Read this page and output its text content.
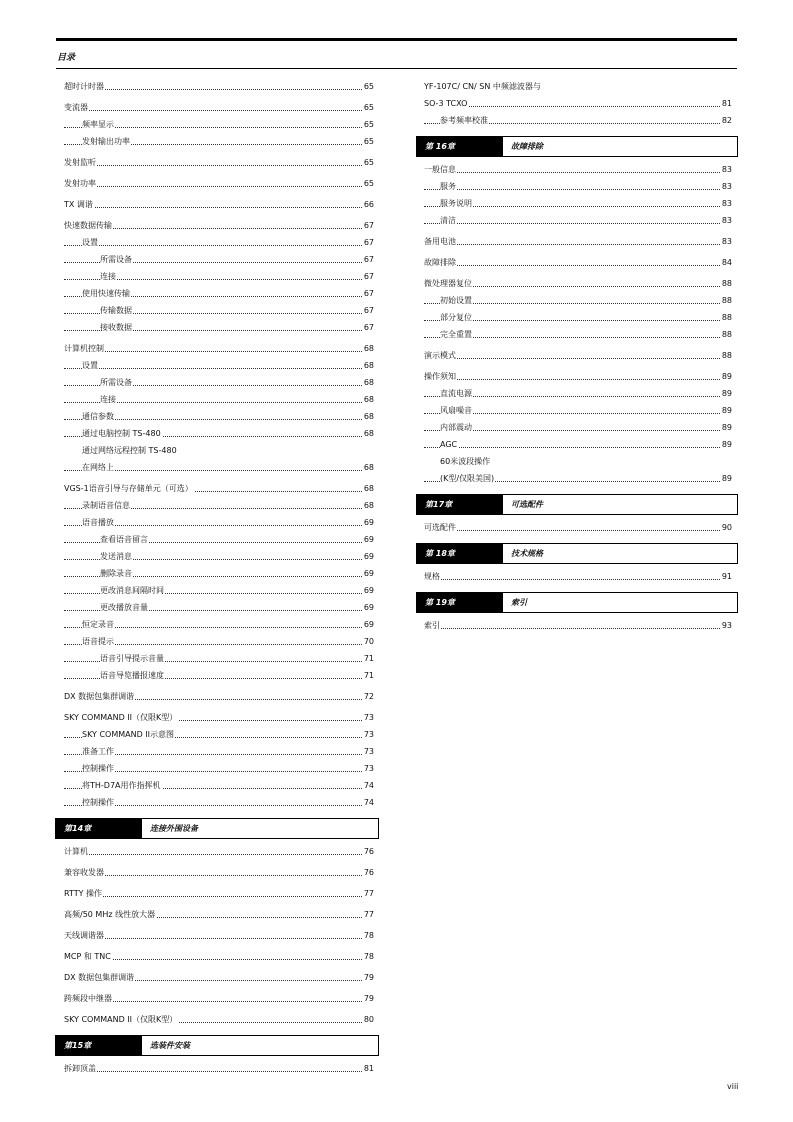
目录
超时计时器	65
变流器	65
频率显示	65
发射输出功率	65
发射监听	65
发射功率	65
TX 调谐	66
快速数据传输	67
设置	67
所需设备	67
连接	67
使用快速传输	67
传输数据	67
接收数据	67
计算机控制	68
设置	68
所需设备	68
连接	68
通信参数	68
通过电脑控制 TS-480	68
通过网络远程控制 TS-480
在网络上	68
VGS-1语音引导与存储单元（可选）	68
录制语音信息	68
语音播放	69
查看语音留言	69
发送消息	69
删除录音	69
更改消息间隔时间	69
更改播放音量	69
恒定录音	69
语音提示	70
语音引导提示音量	71
语音导览播报速度	71
DX 数据包集群调谐	72
SKY COMMAND II（仅限K型）	73
SKY COMMAND II示意图	73
准备工作	73
控制操作	73
将TH-D7A用作指挥机	74
控制操作	74
第14章	连接外围设备
计算机	76
兼容收发器	76
RTTY 操作	77
高频/50 MHz 线性放大器	77
天线调谐器	78
MCP 和 TNC	78
DX 数据包集群调谐	79
跨频段中继器	79
SKY COMMAND II（仅限K型）	80
第15章	选装件安装
拆卸顶盖	81
YF-107C/ CN/ SN 中频滤波器与
SO-3 TCXO	81
参考频率校准	82
第 16章	故障排除
一般信息	83
服务	83
服务说明	83
清洁	83
备用电池	83
故障排除	84
微处理器复位	88
初始设置	88
部分复位	88
完全重置	88
演示模式	88
操作须知	89
直流电源	89
风扇噪音	89
内部震动	89
AGC	89
60米波段操作
(K型/仅限美国)	89
第17章	可选配件
可选配件	90
第 18章	技术规格
规格	91
第 19章	索引
索引	93
viii
